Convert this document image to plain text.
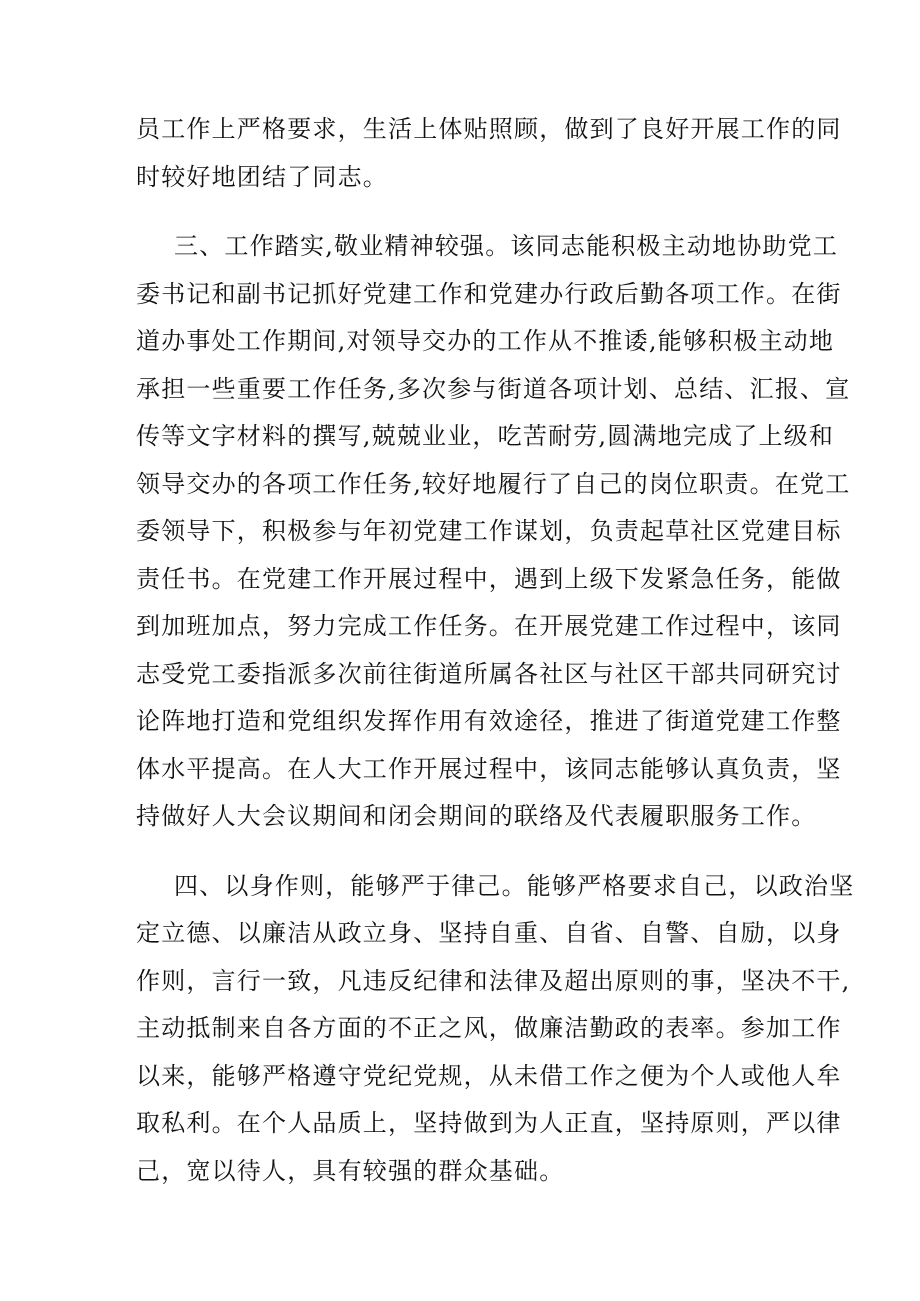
员工作上严格要求，生活上体贴照顾，做到了良好开展工作的同
时较好地团结了同志。
三、工作踏实,敬业精神较强。该同志能积极主动地协助党工
委书记和副书记抓好党建工作和党建办行政后勤各项工作。在街
道办事处工作期间,对领导交办的工作从不推诿,能够积极主动地
承担一些重要工作任务,多次参与街道各项计划、总结、汇报、宣
传等文字材料的撰写,兢兢业业，吃苦耐劳,圆满地完成了上级和
领导交办的各项工作任务,较好地履行了自己的岗位职责。在党工
委领导下，积极参与年初党建工作谋划，负责起草社区党建目标
责任书。在党建工作开展过程中，遇到上级下发紧急任务，能做
到加班加点，努力完成工作任务。在开展党建工作过程中，该同
志受党工委指派多次前往街道所属各社区与社区干部共同研究讨
论阵地打造和党组织发挥作用有效途径，推进了街道党建工作整
体水平提高。在人大工作开展过程中，该同志能够认真负责，坚
持做好人大会议期间和闭会期间的联络及代表履职服务工作。
四、以身作则，能够严于律己。能够严格要求自己，以政治坚
定立德、以廉洁从政立身、坚持自重、自省、自警、自励，以身
作则，言行一致，凡违反纪律和法律及超出原则的事，坚决不干,
主动抵制来自各方面的不正之风，做廉洁勤政的表率。参加工作
以来，能够严格遵守党纪党规，从未借工作之便为个人或他人牟
取私利。在个人品质上，坚持做到为人正直，坚持原则，严以律
己，宽以待人，具有较强的群众基础。
